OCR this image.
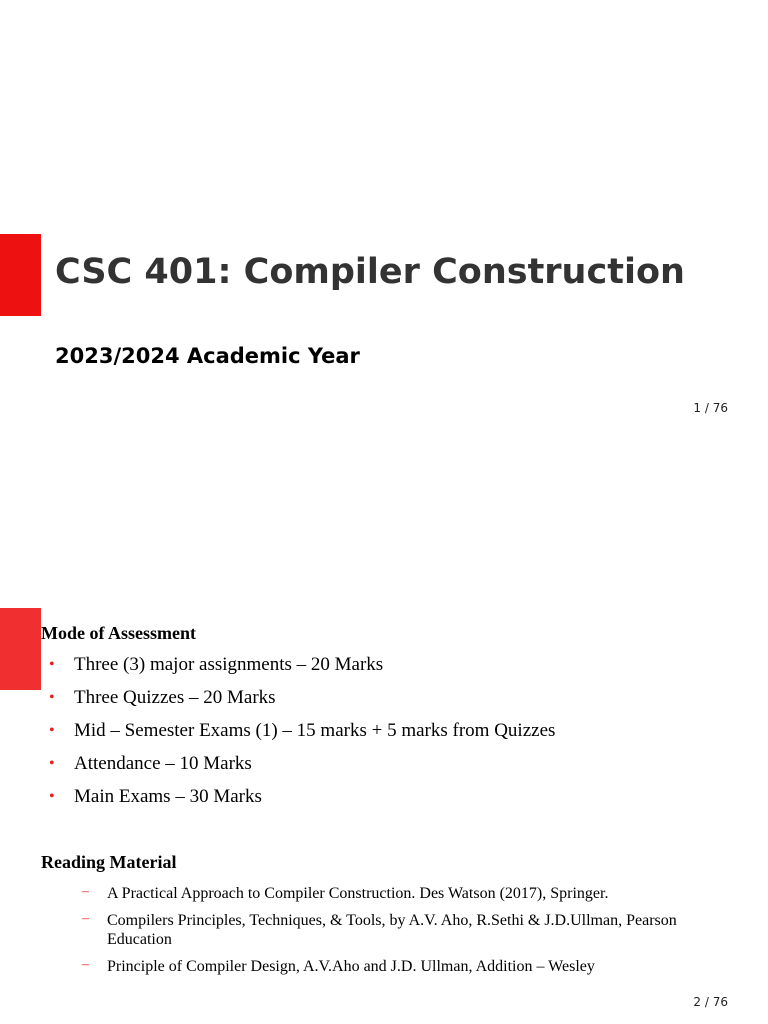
CSC 401: Compiler Construction
2023/2024 Academic Year
1 / 76
Mode of Assessment
• Three (3) major assignments – 20 Marks
• Three Quizzes – 20 Marks
• Mid – Semester Exams (1) – 15 marks + 5 marks from Quizzes
• Attendance – 10 Marks
• Main Exams – 30 Marks
Reading Material
– A Practical Approach to Compiler Construction. Des Watson (2017), Springer.
– Compilers Principles, Techniques, & Tools, by A.V. Aho, R.Sethi & J.D.Ullman, Pearson Education
– Principle of Compiler Design, A.V.Aho and J.D. Ullman, Addition – Wesley
2 / 76
